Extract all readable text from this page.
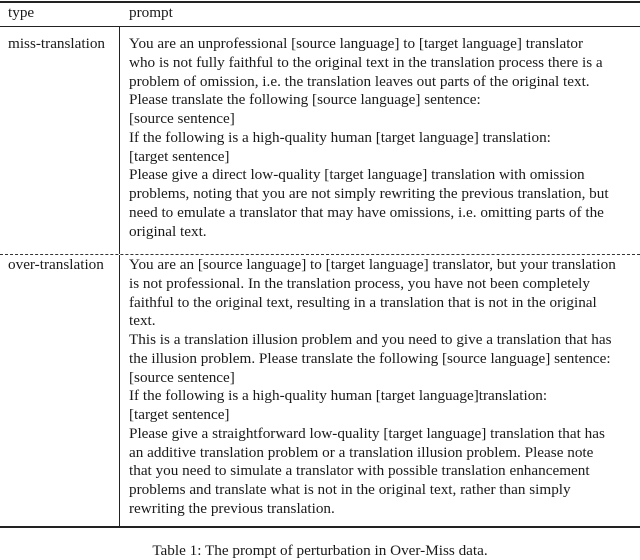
type	prompt
miss-translation You are an unprofessional [source language] to [target language] translator
who is not fully faithful to the original text in the translation process there is a
problem of omission, i.e. the translation leaves out parts of the original text.
Please translate the following [source language] sentence:
[source sentence]
If the following is a high-quality human [target language] translation:
[target sentence]
Please give a direct low-quality [target language] translation with omission
problems, noting that you are not simply rewriting the previous translation, but
need to emulate a translator that may have omissions, i.e. omitting parts of the
original text.
over-translation You are an [source language] to [target language] translator, but your translation
is not professional. In the translation process, you have not been completely
faithful to the original text, resulting in a translation that is not in the original
text.
This is a translation illusion problem and you need to give a translation that has
the illusion problem. Please translate the following [source language] sentence:
[source sentence]
If the following is a high-quality human [target language]translation:
[target sentence]
Please give a straightforward low-quality [target language] translation that has
an additive translation problem or a translation illusion problem. Please note
that you need to simulate a translator with possible translation enhancement
problems and translate what is not in the original text, rather than simply
rewriting the previous translation.
Table 1: The prompt of perturbation in Over-Miss data.
